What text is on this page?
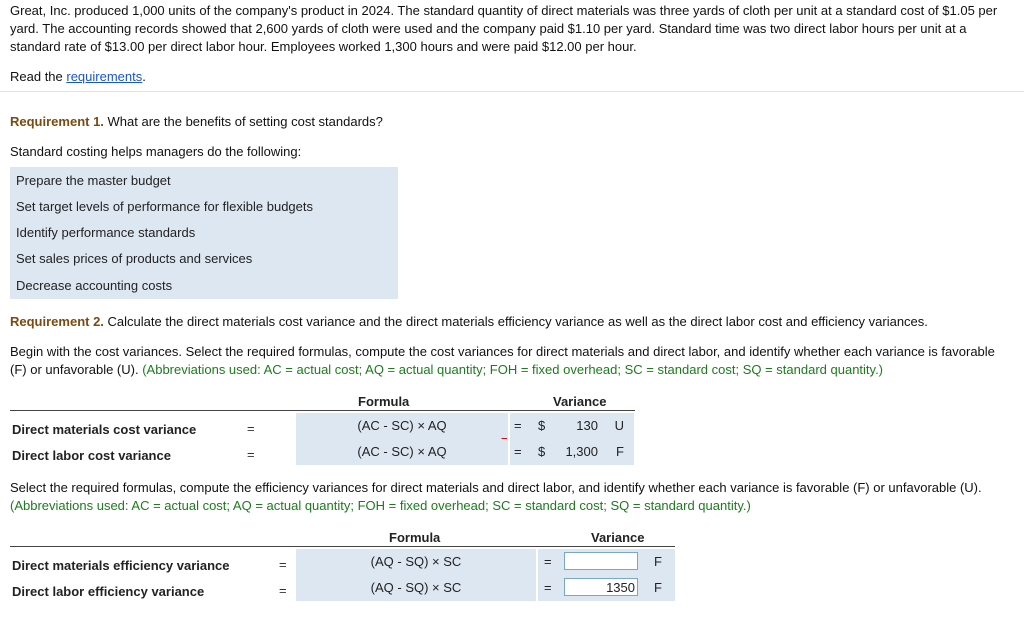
Great, Inc. produced 1,000 units of the company's product in 2024. The standard quantity of direct materials was three yards of cloth per unit at a standard cost of $1.05 per yard. The accounting records showed that 2,600 yards of cloth were used and the company paid $1.10 per yard. Standard time was two direct labor hours per unit at a standard rate of $13.00 per direct labor hour. Employees worked 1,300 hours and were paid $12.00 per hour.
Read the requirements.
Requirement 1. What are the benefits of setting cost standards?
Standard costing helps managers do the following:
Prepare the master budget
Set target levels of performance for flexible budgets
Identify performance standards
Set sales prices of products and services
Decrease accounting costs
Requirement 2. Calculate the direct materials cost variance and the direct materials efficiency variance as well as the direct labor cost and efficiency variances.
Begin with the cost variances. Select the required formulas, compute the cost variances for direct materials and direct labor, and identify whether each variance is favorable (F) or unfavorable (U). (Abbreviations used: AC = actual cost; AQ = actual quantity; FOH = fixed overhead; SC = standard cost; SQ = standard quantity.)
Formula	Variance
Direct materials cost variance	=	(AC - SC) × AQ	= $ 130 U
Direct labor cost variance	=	(AC - SC) × AQ	= $ 1,300 F
Select the required formulas, compute the efficiency variances for direct materials and direct labor, and identify whether each variance is favorable (F) or unfavorable (U). (Abbreviations used: AC = actual cost; AQ = actual quantity; FOH = fixed overhead; SC = standard cost; SQ = standard quantity.)
Formula	Variance
Direct materials efficiency variance	=	(AQ - SQ) × SC	=	F
Direct labor efficiency variance	=	(AQ - SQ) × SC	=	1350 F
